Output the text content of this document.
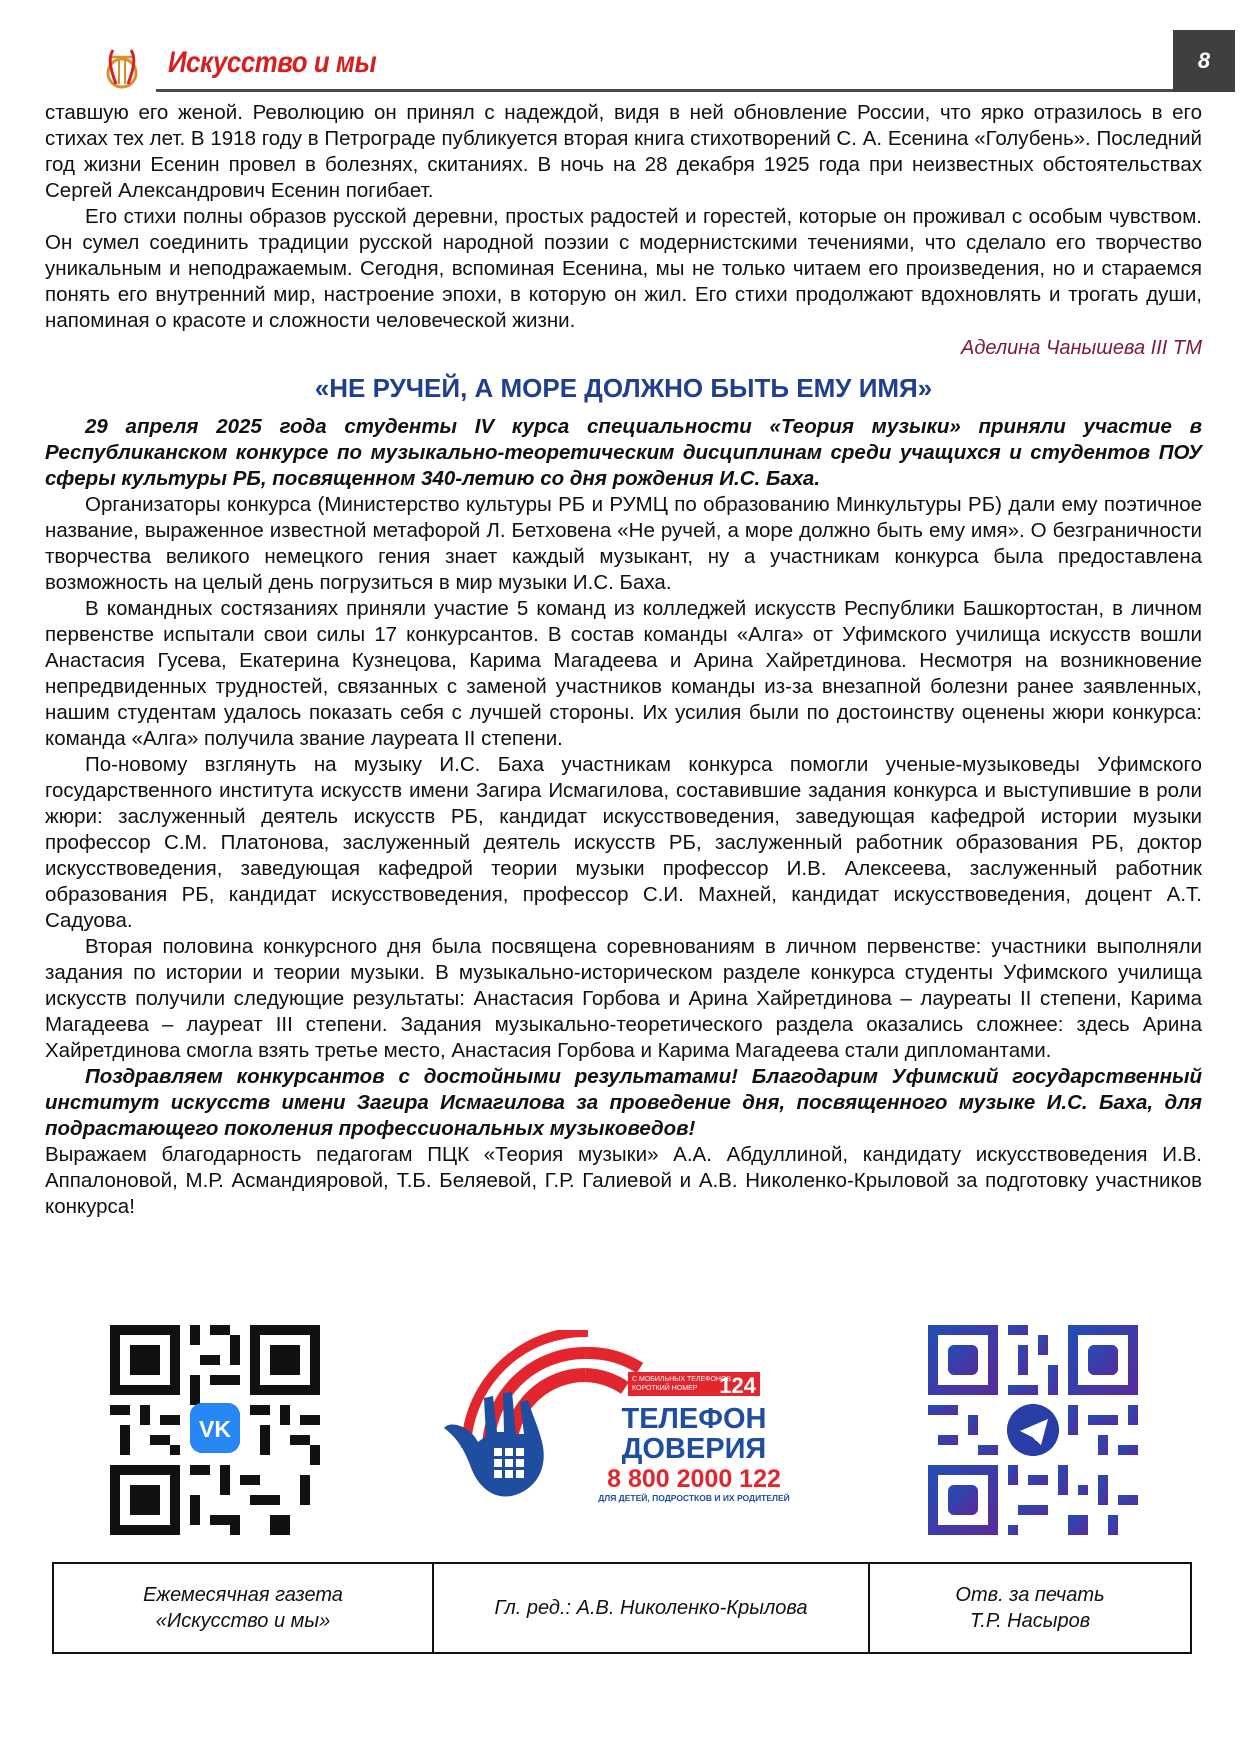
Искусство и мы	8

ставшую его женой. Революцию он принял с надеждой, видя в ней обновление России, что ярко отразилось в его стихах тех лет. В 1918 году в Петрограде публикуется вторая книга стихотворений С. А. Есенина «Голубень». Последний год жизни Есенин провел в болезнях, скитаниях. В ночь на 28 декабря 1925 года при неизвестных обстоятельствах Сергей Александрович Есенин погибает.

Его стихи полны образов русской деревни, простых радостей и горестей, которые он проживал с особым чувством. Он сумел соединить традиции русской народной поэзии с модернистскими течениями, что сделало его творчество уникальным и неподражаемым. Сегодня, вспоминая Есенина, мы не только читаем его произведения, но и стараемся понять его внутренний мир, настроение эпохи, в которую он жил. Его стихи продолжают вдохновлять и трогать души, напоминая о красоте и сложности человеческой жизни.

Аделина Чанышева III ТМ

«НЕ РУЧЕЙ, А МОРЕ ДОЛЖНО БЫТЬ ЕМУ ИМЯ»

29 апреля 2025 года студенты IV курса специальности «Теория музыки» приняли участие в Республиканском конкурсе по музыкально-теоретическим дисциплинам среди учащихся и студентов ПОУ сферы культуры РБ, посвященном 340-летию со дня рождения И.С. Баха.

Организаторы конкурса (Министерство культуры РБ и РУМЦ по образованию Минкультуры РБ) дали ему поэтичное название, выраженное известной метафорой Л. Бетховена «Не ручей, а море должно быть ему имя». О безграничности творчества великого немецкого гения знает каждый музыкант, ну а участникам конкурса была предоставлена возможность на целый день погрузиться в мир музыки И.С. Баха.

В командных состязаниях приняли участие 5 команд из колледжей искусств Республики Башкортостан, в личном первенстве испытали свои силы 17 конкурсантов. В состав команды «Алга» от Уфимского училища искусств вошли Анастасия Гусева, Екатерина Кузнецова, Карима Магадеева и Арина Хайретдинова. Несмотря на возникновение непредвиденных трудностей, связанных с заменой участников команды из-за внезапной болезни ранее заявленных, нашим студентам удалось показать себя с лучшей стороны. Их усилия были по достоинству оценены жюри конкурса: команда «Алга» получила звание лауреата II степени.

По-новому взглянуть на музыку И.С. Баха участникам конкурса помогли ученые-музыковеды Уфимского государственного института искусств имени Загира Исмагилова, составившие задания конкурса и выступившие в роли жюри: заслуженный деятель искусств РБ, кандидат искусствоведения, заведующая кафедрой истории музыки профессор С.М. Платонова, заслуженный деятель искусств РБ, заслуженный работник образования РБ, доктор искусствоведения, заведующая кафедрой теории музыки профессор И.В. Алексеева, заслуженный работник образования РБ, кандидат искусствоведения, профессор С.И. Махней, кандидат искусствоведения, доцент А.Т. Садуова.

Вторая половина конкурсного дня была посвящена соревнованиям в личном первенстве: участники выполняли задания по истории и теории музыки. В музыкально-историческом разделе конкурса студенты Уфимского училища искусств получили следующие результаты: Анастасия Горбова и Арина Хайретдинова – лауреаты II степени, Карима Магадеева – лауреат III степени. Задания музыкально-теоретического раздела оказались сложнее: здесь Арина Хайретдинова смогла взять третье место, Анастасия Горбова и Карима Магадеева стали дипломантами.

Поздравляем конкурсантов с достойными результатами! Благодарим Уфимский государственный институт искусств имени Загира Исмагилова за проведение дня, посвященного музыке И.С. Баха, для подрастающего поколения профессиональных музыковедов!

Выражаем благодарность педагогам ПЦК «Теория музыки» А.А. Абдуллиной, кандидату искусствоведения И.В. Аппалоновой, М.Р. Асмандияровой, Т.Б. Беляевой, Г.Р. Галиевой и А.В. Николенко-Крыловой за подготовку участников конкурса!

VK
С МОБИЛЬНЫХ ТЕЛЕФОНОВ
КОРОТКИЙ НОМЕР 124
ТЕЛЕФОН
ДОВЕРИЯ
8 800 2000 122
ДЛЯ ДЕТЕЙ, ПОДРОСТКОВ И ИХ РОДИТЕЛЕЙ
Ежемесячная газета
«Искусство и мы»
Гл. ред.: А.В. Николенко-Крылова
Отв. за печать
Т.Р. Насыров
